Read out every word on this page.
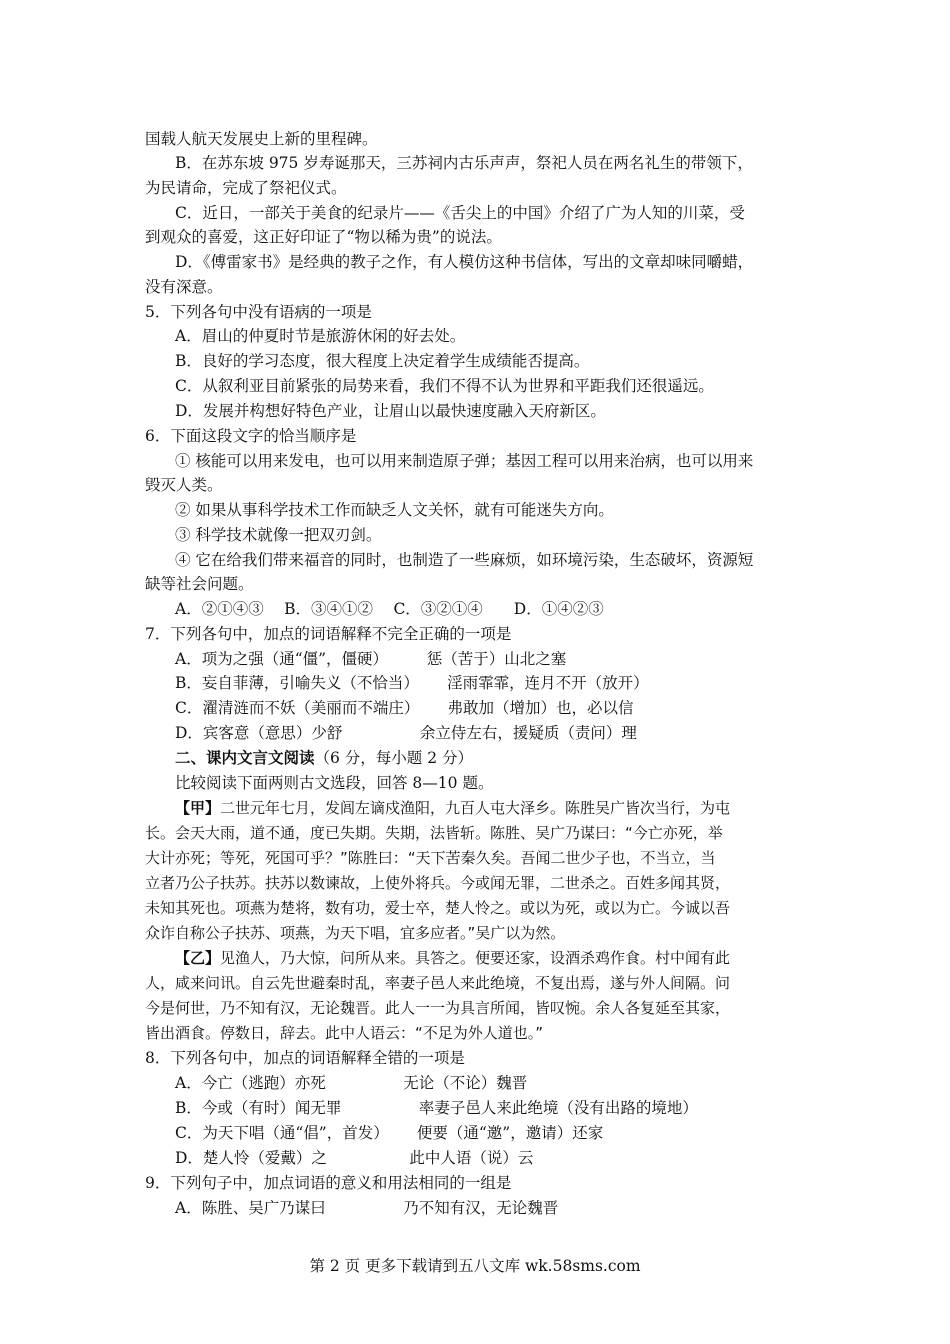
国载人航天发展史上新的里程碑。
B．在苏东坡 975 岁寿诞那天，三苏祠内古乐声声，祭祀人员在两名礼生的带领下，
为民请命，完成了祭祀仪式。
C．近日，一部关于美食的纪录片——《舌尖上的中国》介绍了广为人知的川菜，受
到观众的喜爱，这正好印证了“物以稀为贵”的说法。
D．《傅雷家书》是经典的教子之作，有人模仿这种书信体，写出的文章却味同嚼蜡，
没有深意。
5．下列各句中没有语病的一项是
A．眉山的仲夏时节是旅游休闲的好去处。
B．良好的学习态度，很大程度上决定着学生成绩能否提高。
C．从叙利亚目前紧张的局势来看，我们不得不认为世界和平距我们还很遥远。
D．发展并构想好特色产业，让眉山以最快速度融入天府新区。
6．下面这段文字的恰当顺序是
① 核能可以用来发电，也可以用来制造原子弹；基因工程可以用来治病，也可以用来
毁灭人类。
② 如果从事科学技术工作而缺乏人文关怀，就有可能迷失方向。
③ 科学技术就像一把双刃剑。
④ 它在给我们带来福音的同时，也制造了一些麻烦，如环境污染，生态破坏，资源短
缺等社会问题。
A．②①④③　 B．③④①②　 C．③②①④　　D．①④②③
7．下列各句中，加点的词语解释不完全正确的一项是
A．项为之强（通“僵”，僵硬）　　　惩（苦于）山北之塞
B．妄自菲薄，引喻失义（不恰当）　　 淫雨霏霏，连月不开（放开）
C．濯清涟而不妖（美丽而不端庄）　　 弗敢加（增加）也，必以信
D．宾客意（意思）少舒　　　　　余立侍左右，援疑质（责问）理
二、课内文言文阅读（6 分，每小题 2 分）
比较阅读下面两则古文选段，回答 8—10 题。
【甲】二世元年七月，发闾左谪戍渔阳，九百人屯大泽乡。陈胜吴广皆次当行，为屯
长。会天大雨，道不通，度已失期。失期，法皆斩。陈胜、吴广乃谋曰：“今亡亦死，举
大计亦死；等死，死国可乎？”陈胜曰：“天下苦秦久矣。吾闻二世少子也，不当立，当
立者乃公子扶苏。扶苏以数谏故，上使外将兵。今或闻无罪，二世杀之。百姓多闻其贤，
未知其死也。项燕为楚将，数有功，爱士卒，楚人怜之。或以为死，或以为亡。今诚以吾
众诈自称公子扶苏、项燕，为天下唱，宜多应者。”吴广以为然。
【乙】见渔人，乃大惊，问所从来。具答之。便要还家，设酒杀鸡作食。村中闻有此
人，咸来问讯。自云先世避秦时乱，率妻子邑人来此绝境，不复出焉，遂与外人间隔。问
今是何世，乃不知有汉，无论魏晋。此人一一为具言所闻，皆叹惋。余人各复延至其家，
皆出酒食。停数日，辞去。此中人语云：“不足为外人道也。”
8．下列各句中，加点的词语解释全错的一项是
A．今亡（逃跑）亦死　　　　　无论（不论）魏晋
B．今或（有时）闻无罪　　　　　率妻子邑人来此绝境（没有出路的境地）
C．为天下唱（通“倡”，首发）　　 便要（通“邀”，邀请）还家
D．楚人怜（爱戴）之　　　　　 此中人语（说）云
9．下列句子中，加点词语的意义和用法相同的一组是
A．陈胜、吴广乃谋曰　　　　　乃不知有汉，无论魏晋
第 2 页 更多下载请到五八文库 wk.58sms.com
